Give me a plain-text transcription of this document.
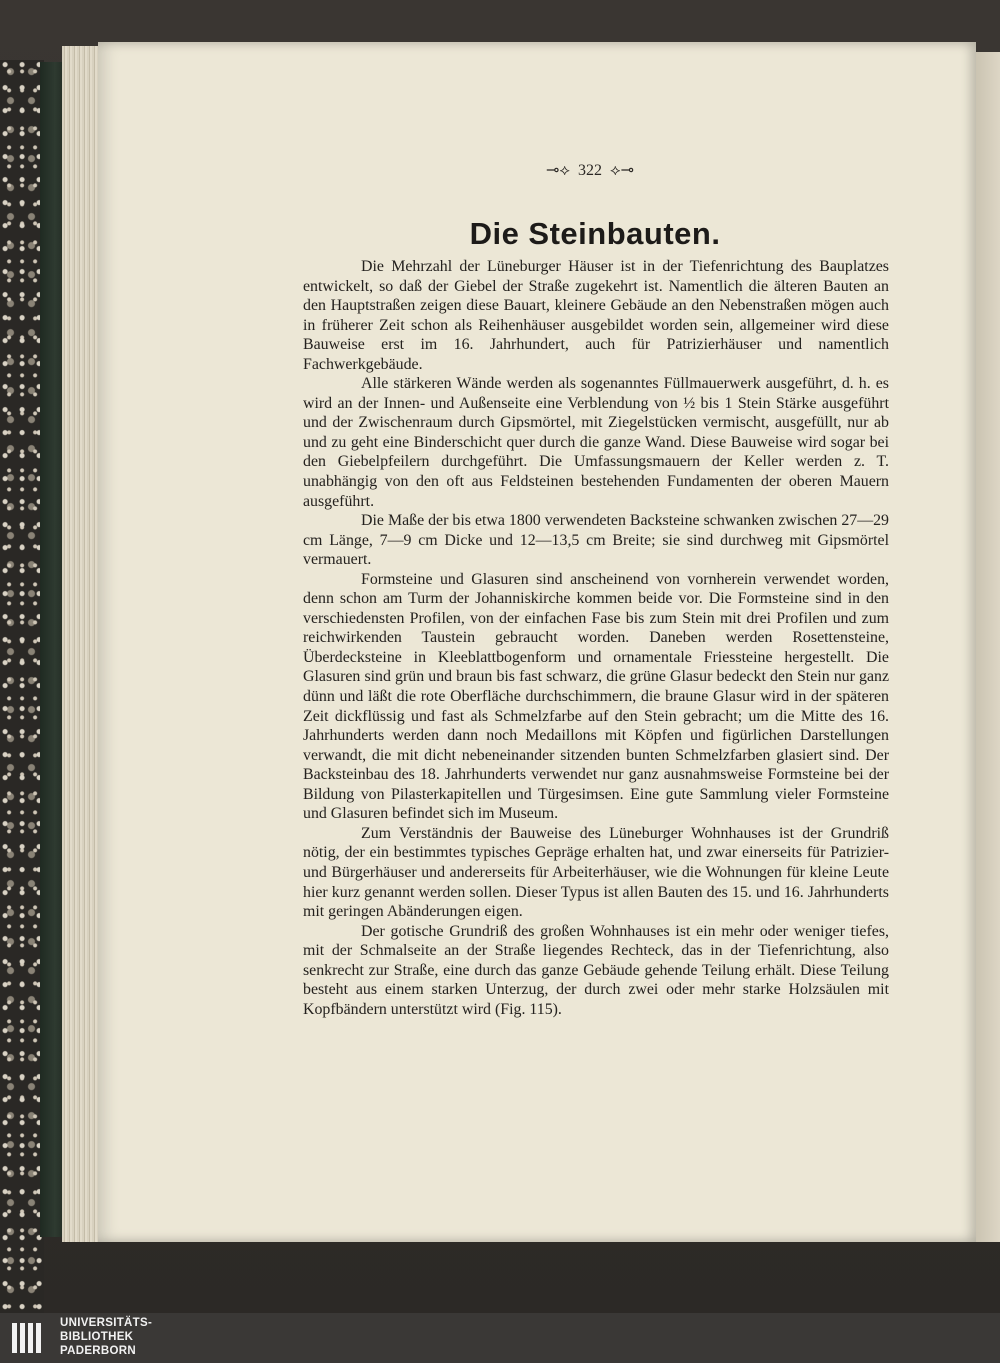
⊸⟡ 322 ⟡⊸
Die Steinbauten.

Die Mehrzahl der Lüneburger Häuser ist in der Tiefenrichtung des Bauplatzes entwickelt, so daß der Giebel der Straße zugekehrt ist. Namentlich die älteren Bauten an den Hauptstraßen zeigen diese Bauart, kleinere Gebäude an den Nebenstraßen mögen auch in früherer Zeit schon als Reihenhäuser ausgebildet worden sein, allgemeiner wird diese Bauweise erst im 16. Jahrhundert, auch für Patrizierhäuser und namentlich Fachwerkgebäude.

Alle stärkeren Wände werden als sogenanntes Füllmauerwerk ausgeführt, d. h. es wird an der Innen- und Außenseite eine Verblendung von ½ bis 1 Stein Stärke ausgeführt und der Zwischenraum durch Gipsmörtel, mit Ziegelstücken vermischt, ausgefüllt, nur ab und zu geht eine Binderschicht quer durch die ganze Wand. Diese Bauweise wird sogar bei den Giebelpfeilern durchgeführt. Die Umfassungsmauern der Keller werden z. T. unabhängig von den oft aus Feldsteinen bestehenden Fundamenten der oberen Mauern ausgeführt.

Die Maße der bis etwa 1800 verwendeten Backsteine schwanken zwischen 27—29 cm Länge, 7—9 cm Dicke und 12—13,5 cm Breite; sie sind durchweg mit Gipsmörtel vermauert.

Formsteine und Glasuren sind anscheinend von vornherein verwendet worden, denn schon am Turm der Johanniskirche kommen beide vor. Die Formsteine sind in den verschiedensten Profilen, von der einfachen Fase bis zum Stein mit drei Profilen und zum reichwirkenden Taustein gebraucht worden. Daneben werden Rosettensteine, Überdecksteine in Kleeblattbogenform und ornamentale Friessteine hergestellt. Die Glasuren sind grün und braun bis fast schwarz, die grüne Glasur bedeckt den Stein nur ganz dünn und läßt die rote Oberfläche durchschimmern, die braune Glasur wird in der späteren Zeit dickflüssig und fast als Schmelzfarbe auf den Stein gebracht; um die Mitte des 16. Jahrhunderts werden dann noch Medaillons mit Köpfen und figürlichen Darstellungen verwandt, die mit dicht nebeneinander sitzenden bunten Schmelzfarben glasiert sind. Der Backsteinbau des 18. Jahrhunderts verwendet nur ganz ausnahmsweise Formsteine bei der Bildung von Pilasterkapitellen und Türgesimsen. Eine gute Sammlung vieler Formsteine und Glasuren befindet sich im Museum.

Zum Verständnis der Bauweise des Lüneburger Wohnhauses ist der Grundriß nötig, der ein bestimmtes typisches Gepräge erhalten hat, und zwar einerseits für Patrizier- und Bürgerhäuser und andererseits für Arbeiterhäuser, wie die Wohnungen für kleine Leute hier kurz genannt werden sollen. Dieser Typus ist allen Bauten des 15. und 16. Jahrhunderts mit geringen Abänderungen eigen.

Der gotische Grundriß des großen Wohnhauses ist ein mehr oder weniger tiefes, mit der Schmalseite an der Straße liegendes Rechteck, das in der Tiefenrichtung, also senkrecht zur Straße, eine durch das ganze Gebäude gehende Teilung erhält. Diese Teilung besteht aus einem starken Unterzug, der durch zwei oder mehr starke Holzsäulen mit Kopfbändern unterstützt wird (Fig. 115).

UNIVERSITÄTS-
BIBLIOTHEK
PADERBORN
